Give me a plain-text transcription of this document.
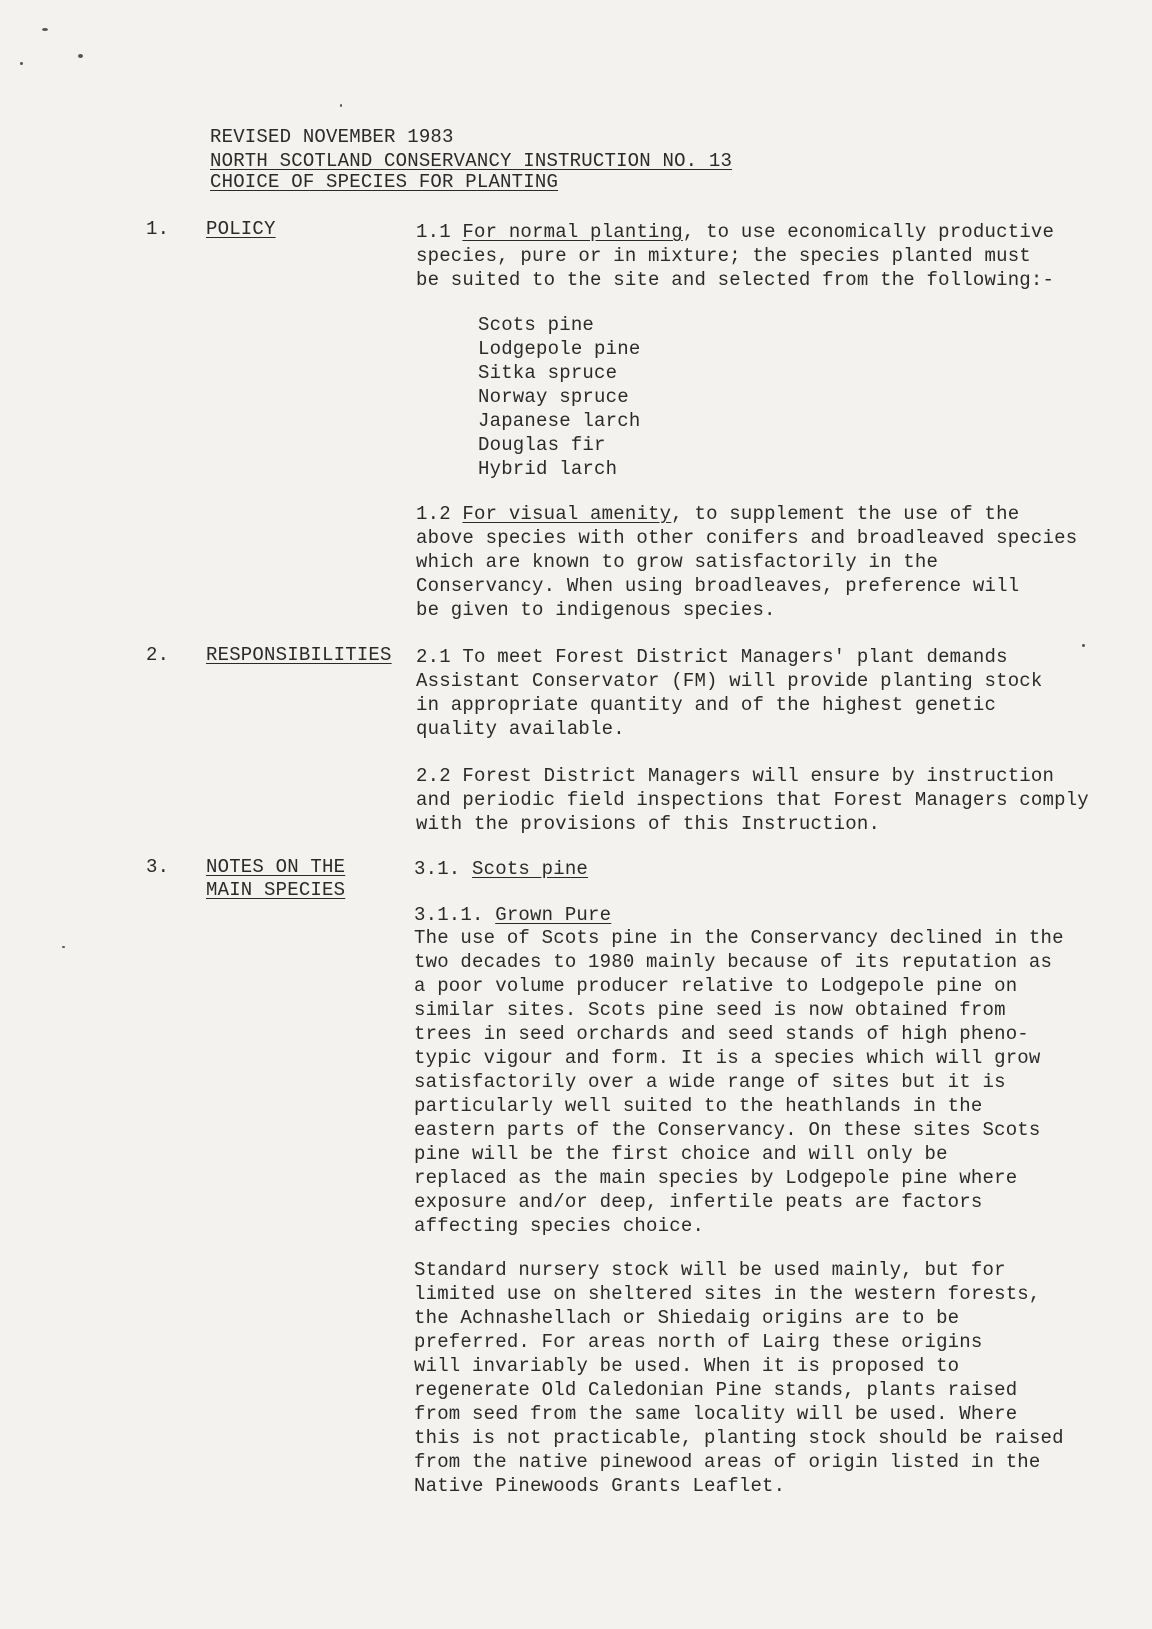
REVISED NOVEMBER 1983
NORTH SCOTLAND CONSERVANCY INSTRUCTION NO. 13
CHOICE OF SPECIES FOR PLANTING
1. POLICY	1.1 For normal planting, to use economically productive
species, pure or in mixture; the species planted must
be suited to the site and selected from the following:-
Scots pine
Lodgepole pine
Sitka spruce
Norway spruce
Japanese larch
Douglas fir
Hybrid larch
1.2 For visual amenity, to supplement the use of the
above species with other conifers and broadleaved species
which are known to grow satisfactorily in the
Conservancy. When using broadleaves, preference will
be given to indigenous species.
2. RESPONSIBILITIES 2.1 To meet Forest District Managers' plant demands
Assistant Conservator (FM) will provide planting stock
in appropriate quantity and of the highest genetic
quality available.
2.2 Forest District Managers will ensure by instruction
and periodic field inspections that Forest Managers comply
with the provisions of this Instruction.
3. NOTES ON THE
MAIN SPECIES
3.1. Scots pine
3.1.1. Grown Pure
The use of Scots pine in the Conservancy declined in the
two decades to 1980 mainly because of its reputation as
a poor volume producer relative to Lodgepole pine on
similar sites. Scots pine seed is now obtained from
trees in seed orchards and seed stands of high pheno-
typic vigour and form. It is a species which will grow
satisfactorily over a wide range of sites but it is
particularly well suited to the heathlands in the
eastern parts of the Conservancy. On these sites Scots
pine will be the first choice and will only be
replaced as the main species by Lodgepole pine where
exposure and/or deep, infertile peats are factors
affecting species choice.
Standard nursery stock will be used mainly, but for
limited use on sheltered sites in the western forests,
the Achnashellach or Shiedaig origins are to be
preferred. For areas north of Lairg these origins
will invariably be used. When it is proposed to
regenerate Old Caledonian Pine stands, plants raised
from seed from the same locality will be used. Where
this is not practicable, planting stock should be raised
from the native pinewood areas of origin listed in the
Native Pinewoods Grants Leaflet.
